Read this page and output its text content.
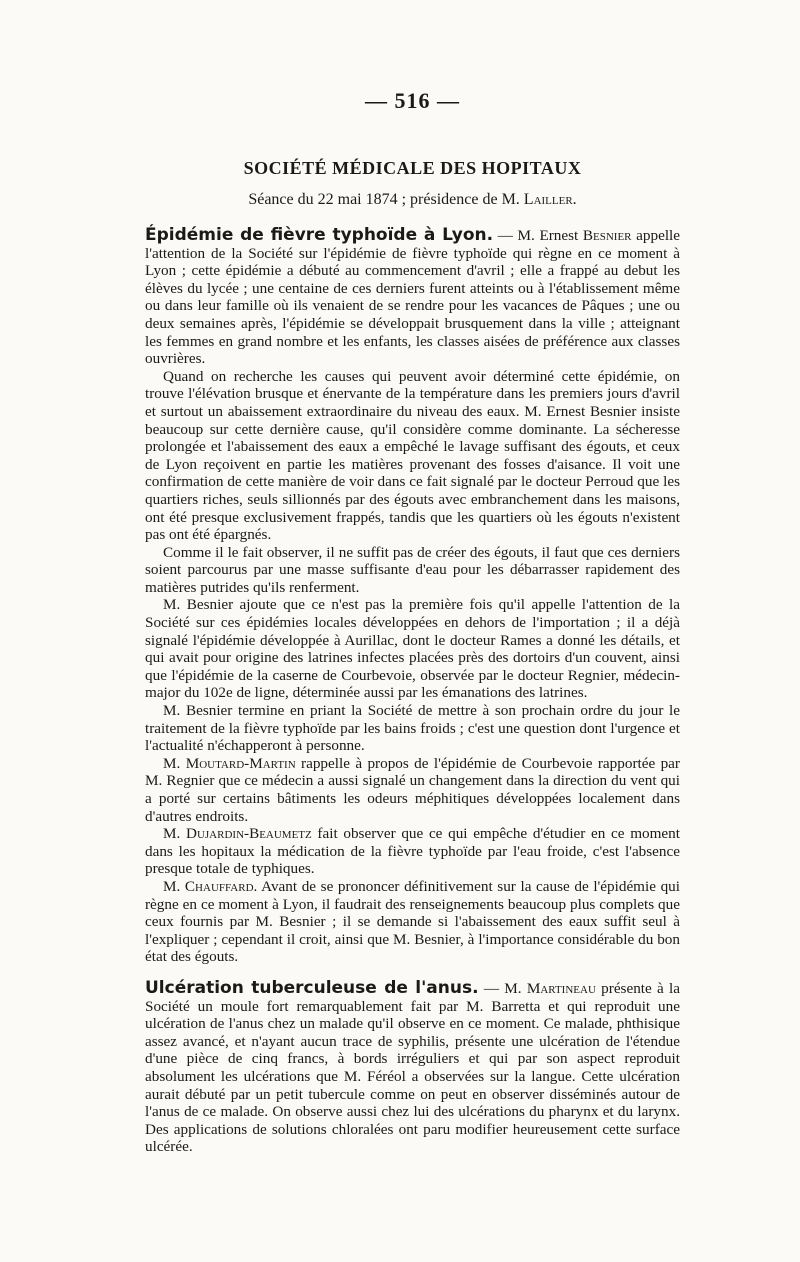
— 516 —
SOCIÉTÉ MÉDICALE DES HOPITAUX
Séance du 22 mai 1874 ; présidence de M. Lailler.

Épidémie de fièvre typhoïde à Lyon. — M. Ernest Besnier appelle l'attention de la Société sur l'épidémie de fièvre typhoïde qui règne en ce moment à Lyon ; cette épidémie a débuté au commencement d'avril ; elle a frappé au debut les élèves du lycée ; une centaine de ces derniers furent atteints ou à l'établissement même ou dans leur famille où ils venaient de se rendre pour les vacances de Pâques ; une ou deux semaines après, l'épidémie se développait brusquement dans la ville ; atteignant les femmes en grand nombre et les enfants, les classes aisées de préférence aux classes ouvrières.

Quand on recherche les causes qui peuvent avoir déterminé cette épidémie, on trouve l'élévation brusque et énervante de la température dans les premiers jours d'avril et surtout un abaissement extraordinaire du niveau des eaux. M. Ernest Besnier insiste beaucoup sur cette dernière cause, qu'il considère comme dominante. La sécheresse prolongée et l'abaissement des eaux a empêché le lavage suffisant des égouts, et ceux de Lyon reçoivent en partie les matières provenant des fosses d'aisance. Il voit une confirmation de cette manière de voir dans ce fait signalé par le docteur Perroud que les quartiers riches, seuls sillionnés par des égouts avec embranchement dans les maisons, ont été presque exclusivement frappés, tandis que les quartiers où les égouts n'existent pas ont été épargnés.

Comme il le fait observer, il ne suffit pas de créer des égouts, il faut que ces derniers soient parcourus par une masse suffisante d'eau pour les débarrasser rapidement des matières putrides qu'ils renferment.

M. Besnier ajoute que ce n'est pas la première fois qu'il appelle l'attention de la Société sur ces épidémies locales développées en dehors de l'importation ; il a déjà signalé l'épidémie développée à Aurillac, dont le docteur Rames a donné les détails, et qui avait pour origine des latrines infectes placées près des dortoirs d'un couvent, ainsi que l'épidémie de la caserne de Courbevoie, observée par le docteur Regnier, médecin-major du 102e de ligne, déterminée aussi par les émanations des latrines.

M. Besnier termine en priant la Société de mettre à son prochain ordre du jour le traitement de la fièvre typhoïde par les bains froids ; c'est une question dont l'urgence et l'actualité n'échapperont à personne.

M. Moutard-Martin rappelle à propos de l'épidémie de Courbevoie rapportée par M. Regnier que ce médecin a aussi signalé un changement dans la direction du vent qui a porté sur certains bâtiments les odeurs méphitiques développées localement dans d'autres endroits.

M. Dujardin-Beaumetz fait observer que ce qui empêche d'étudier en ce moment dans les hopitaux la médication de la fièvre typhoïde par l'eau froide, c'est l'absence presque totale de typhiques.

M. Chauffard. Avant de se prononcer définitivement sur la cause de l'épidémie qui règne en ce moment à Lyon, il faudrait des renseignements beaucoup plus complets que ceux fournis par M. Besnier ; il se demande si l'abaissement des eaux suffit seul à l'expliquer ; cependant il croit, ainsi que M. Besnier, à l'importance considérable du bon état des égouts.

Ulcération tuberculeuse de l'anus. — M. Martineau présente à la Société un moule fort remarquablement fait par M. Barretta et qui reproduit une ulcération de l'anus chez un malade qu'il observe en ce moment. Ce malade, phthisique assez avancé, et n'ayant aucun trace de syphilis, présente une ulcération de l'étendue d'une pièce de cinq francs, à bords irréguliers et qui par son aspect reproduit absolument les ulcérations que M. Féréol a observées sur la langue. Cette ulcération aurait débuté par un petit tubercule comme on peut en observer disséminés autour de l'anus de ce malade. On observe aussi chez lui des ulcérations du pharynx et du larynx. Des applications de solutions chloralées ont paru modifier heureusement cette surface ulcérée.
